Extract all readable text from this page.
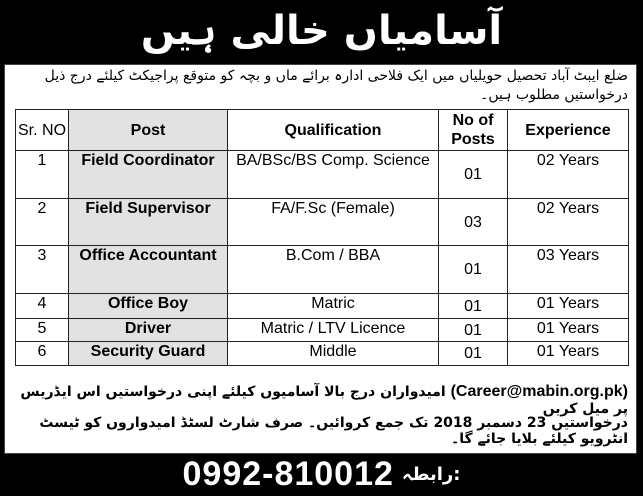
آسامیاں خالی ہیں
ضلع ایبٹ آباد تحصیل حویلیاں میں ایک فلاحی ادارہ برائے ماں و بچہ کو متوقع پراجیکٹ کیلئے درج ذیل درخواستیں مطلوب ہیں۔
Sr. NO	Post	Qualification	No of Posts	Experience
1	Field Coordinator	BA/BSc/BS Comp. Science	01	02 Years
2	Field Supervisor	FA/F.Sc (Female)	03	02 Years
3	Office Accountant	B.Com / BBA	01	03 Years
4	Office Boy	Matric	01	01 Years
5	Driver	Matric / LTV Licence	01	01 Years
6	Security Guard	Middle	01	01 Years
(Career@mabin.org.pk) امیدواران درج بالا آسامیوں کیلئے اپنی درخواستیں اس ایڈریس پر میل کریں
درخواستیں 23 دسمبر 2018 تک جمع کروائیں۔ صرف شارٹ لسٹڈ امیدواروں کو ٹیسٹ انٹرویو کیلئے بلایا جائے گا۔
0992-810012 رابطہ:
